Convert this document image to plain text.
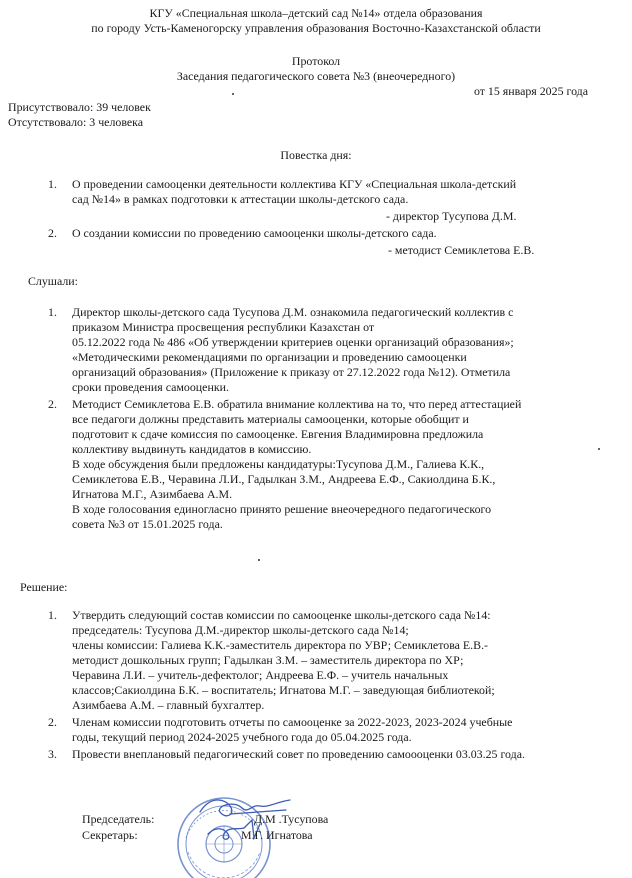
КГУ «Специальная школа–детский сад №14» отдела образования
по городу Усть-Каменогорску управления образования Восточно-Казахстанской области
Протокол
Заседания педагогического совета №3 (внеочередного)
от 15 января 2025 года
Присутствовало: 39 человек
Отсутствовало: 3 человека
Повестка дня:
1. О проведении самооценки деятельности коллектива КГУ «Специальная школа-детский
сад №14» в рамках подготовки к аттестации школы-детского сада.
- директор Тусупова Д.М.
2. О создании комиссии по проведению самооценки школы-детского сада.
- методист Семиклетова Е.В.
Слушали:
1. Директор школы-детского сада Тусупова Д.М. ознакомила педагогический коллектив с
приказом Министра просвещения республики Казахстан от
05.12.2022 года № 486 «Об утверждении критериев оценки организаций образования»;
«Методическими рекомендациями по организации и проведению самооценки
организаций образования» (Приложение к приказу от 27.12.2022 года №12). Отметила
сроки проведения самооценки.
2. Методист Семиклетова Е.В. обратила внимание коллектива на то, что перед аттестацией
все педагоги должны представить материалы самооценки, которые обобщит и
подготовит к сдаче комиссия по самооценке. Евгения Владимировна предложила
коллективу выдвинуть кандидатов в комиссию.
В ходе обсуждения были предложены кандидатуры:Тусупова Д.М., Галиева К.К.,
Семиклетова Е.В., Черавина Л.И., Гадылкан З.М., Андреева Е.Ф., Сакиолдина Б.К.,
Игнатова М.Г., Азимбаева А.М.
В ходе голосования единогласно принято решение внеочередного педагогического
совета №3 от 15.01.2025 года.
Решение:
1. Утвердить следующий состав комиссии по самооценке школы-детского сада №14:
председатель: Тусупова Д.М.-директор школы-детского сада №14;
члены комиссии: Галиева К.К.-заместитель директора по УВР; Семиклетова Е.В.-
методист дошкольных групп; Гадылкан З.М. – заместитель директора по ХР;
Черавина Л.И. – учитель-дефектолог; Андреева Е.Ф. – учитель начальных
классов;Сакиолдина Б.К. – воспитатель; Игнатова М.Г. – заведующая библиотекой;
Азимбаева А.М. – главный бухгалтер.
2. Членам комиссии подготовить отчеты по самооценке за 2022-2023, 2023-2024 учебные
годы, текущий период 2024-2025 учебного года до 05.04.2025 года.
3. Провести внеплановый педагогический совет по проведению самоооценки 03.03.25 года.
Председатель:	Д.М .Тусупова
Секретарь:	М.Г. Игнатова
